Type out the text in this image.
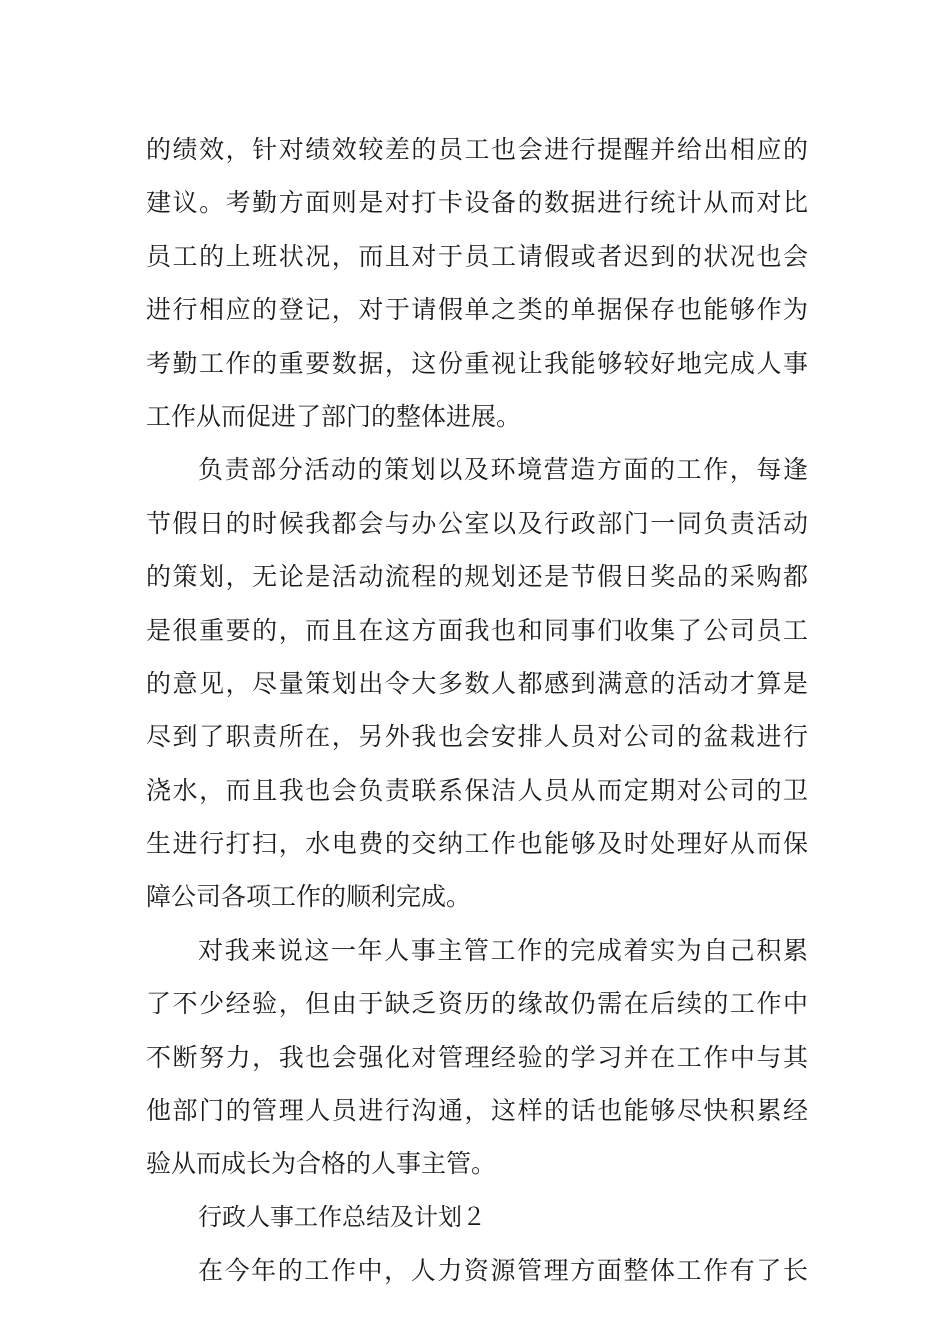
的绩效，针对绩效较差的员工也会进行提醒并给出相应的
建议。考勤方面则是对打卡设备的数据进行统计从而对比
员工的上班状况，而且对于员工请假或者迟到的状况也会
进行相应的登记，对于请假单之类的单据保存也能够作为
考勤工作的重要数据，这份重视让我能够较好地完成人事
工作从而促进了部门的整体进展。
负责部分活动的策划以及环境营造方面的工作，每逢
节假日的时候我都会与办公室以及行政部门一同负责活动
的策划，无论是活动流程的规划还是节假日奖品的采购都
是很重要的，而且在这方面我也和同事们收集了公司员工
的意见，尽量策划出令大多数人都感到满意的活动才算是
尽到了职责所在，另外我也会安排人员对公司的盆栽进行
浇水，而且我也会负责联系保洁人员从而定期对公司的卫
生进行打扫，水电费的交纳工作也能够及时处理好从而保
障公司各项工作的顺利完成。
对我来说这一年人事主管工作的完成着实为自己积累
了不少经验，但由于缺乏资历的缘故仍需在后续的工作中
不断努力，我也会强化对管理经验的学习并在工作中与其
他部门的管理人员进行沟通，这样的话也能够尽快积累经
验从而成长为合格的人事主管。
行政人事工作总结及计划２
在今年的工作中，人力资源管理方面整体工作有了长
